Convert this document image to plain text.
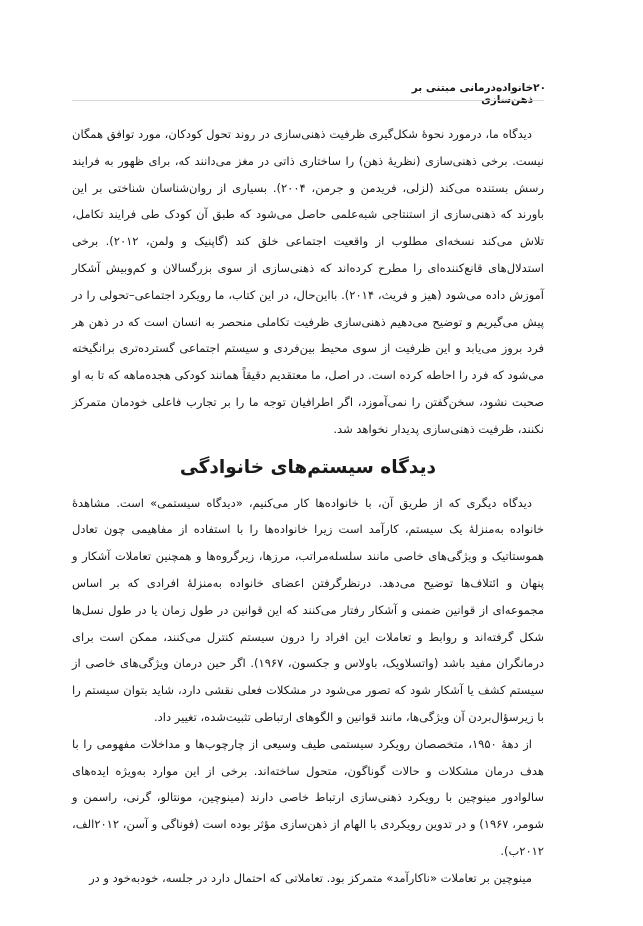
۲۰
خانواده‌درمانی مبتنی بر ذهن‌سازی

دیدگاه ما، درمورد نحوهٔ شکل‌گیری ظرفیت ذهنی‌سازی در روند تحول کودکان، مورد توافق همگان نیست. برخی ذهنی‌سازی (نظریهٔ ذهن) را ساختاری ذاتی در مغز می‌دانند که، برای ظهور به فرایند رسش بستنده می‌کند (لزلی، فریدمن و جرمن، ۲۰۰۴). بسیاری از روان‌شناسان شناختی بر این باورند که ذهنی‌سازی از استنتاجی شبه‌علمی حاصل می‌شود که طبق آن کودک طی فرایند تکامل، تلاش می‌کند نسخه‌ای مطلوب از واقعیت اجتماعی خلق کند (گاپنیک و ولمن، ۲۰۱۲). برخی استدلال‌های قانع‌کننده‌ای را مطرح کرده‌اند که ذهنی‌سازی از سوی بزرگسالان و کم‌وبیش آشکار آموزش داده می‌شود (هیز و فریث، ۲۰۱۴). بااین‌حال، در این کتاب، ما رویکرد اجتماعی–تحولی را در پیش می‌گیریم و توضیح می‌دهیم ذهنی‌سازی ظرفیت تکاملی منحصر به انسان است که در ذهن هر فرد بروز می‌یابد و این ظرفیت از سوی محیط بین‌فردی و سیستم اجتماعی گسترده‌تری برانگیخته می‌شود که فرد را احاطه کرده است. در اصل، ما معتقدیم دقیقاً همانند کودکی هجده‌ماهه که تا به او صحبت نشود، سخن‌گفتن را نمی‌آموزد، اگر اطرافیان توجه ما را بر تجارب فاعلی خودمان متمرکز نکنند، ظرفیت ذهنی‌سازی پدیدار نخواهد شد.

دیدگاه سیستم‌های خانوادگی

دیدگاه دیگری که از طریق آن، با خانواده‌ها کار می‌کنیم، «دیدگاه سیستمی» است. مشاهدهٔ خانواده به‌منزلهٔ یک سیستم، کارآمد است زیرا خانواده‌ها را با استفاده از مفاهیمی چون تعادل هموستاتیک و ویژگی‌های خاصی مانند سلسله‌مراتب، مرزها، زیرگروه‌ها و همچنین تعاملات آشکار و پنهان و ائتلاف‌ها توضیح می‌دهد. درنظرگرفتن اعضای خانواده به‌منزلهٔ افرادی که بر اساس مجموعه‌ای از قوانین ضمنی و آشکار رفتار می‌کنند که این قوانین در طول زمان یا در طول نسل‌ها شکل گرفته‌اند و روابط و تعاملات این افراد را درون سیستم کنترل می‌کنند، ممکن است برای درمانگران مفید باشد (واتسلاویک، باولاس و جکسون، ۱۹۶۷). اگر حین درمان ویژگی‌های خاصی از سیستم کشف یا آشکار شود که تصور می‌شود در مشکلات فعلی نقشی دارد، شاید بتوان سیستم را با زیرسؤال‌بردن آن ویژگی‌ها، مانند قوانین و الگوهای ارتباطی تثبیت‌شده، تغییر داد.

از دههٔ ۱۹۵۰، متخصصان رویکرد سیستمی طیف وسیعی از چارچوب‌ها و مداخلات مفهومی را با هدف درمان مشکلات و حالات گوناگون، متحول ساخته‌اند. برخی از این موارد به‌ویژه ایده‌های سالوادور مینوچین با رویکرد ذهنی‌سازی ارتباط خاصی دارند (مینوچین، مونتالو، گرنی، راسمن و شومر، ۱۹۶۷) و در تدوین رویکردی با الهام از ذهن‌سازی مؤثر بوده است (فوناگی و آسن، ۲۰۱۲الف، ۲۰۱۲ب).

مینوچین بر تعاملات «ناکارآمد» متمرکز بود. تعاملاتی که احتمال دارد در جلسه، خودبه‌خود و در
